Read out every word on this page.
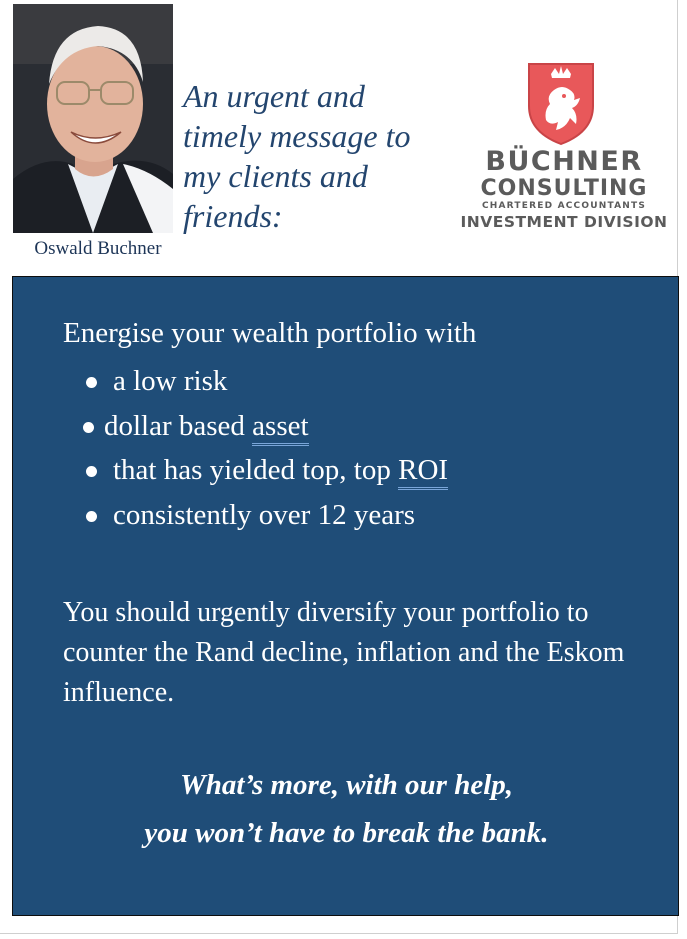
Oswald Buchner
An urgent and
timely message to
my clients and
friends:
BÜCHNER
CONSULTING
CHARTERED ACCOUNTANTS
INVESTMENT DIVISION
Energise your wealth portfolio with
a low risk
dollar based asset
that has yielded top, top ROI
consistently over 12 years
You should urgently diversify your portfolio to counter the Rand decline, inflation and the Eskom influence.
What’s more, with our help,
you won’t have to break the bank.
